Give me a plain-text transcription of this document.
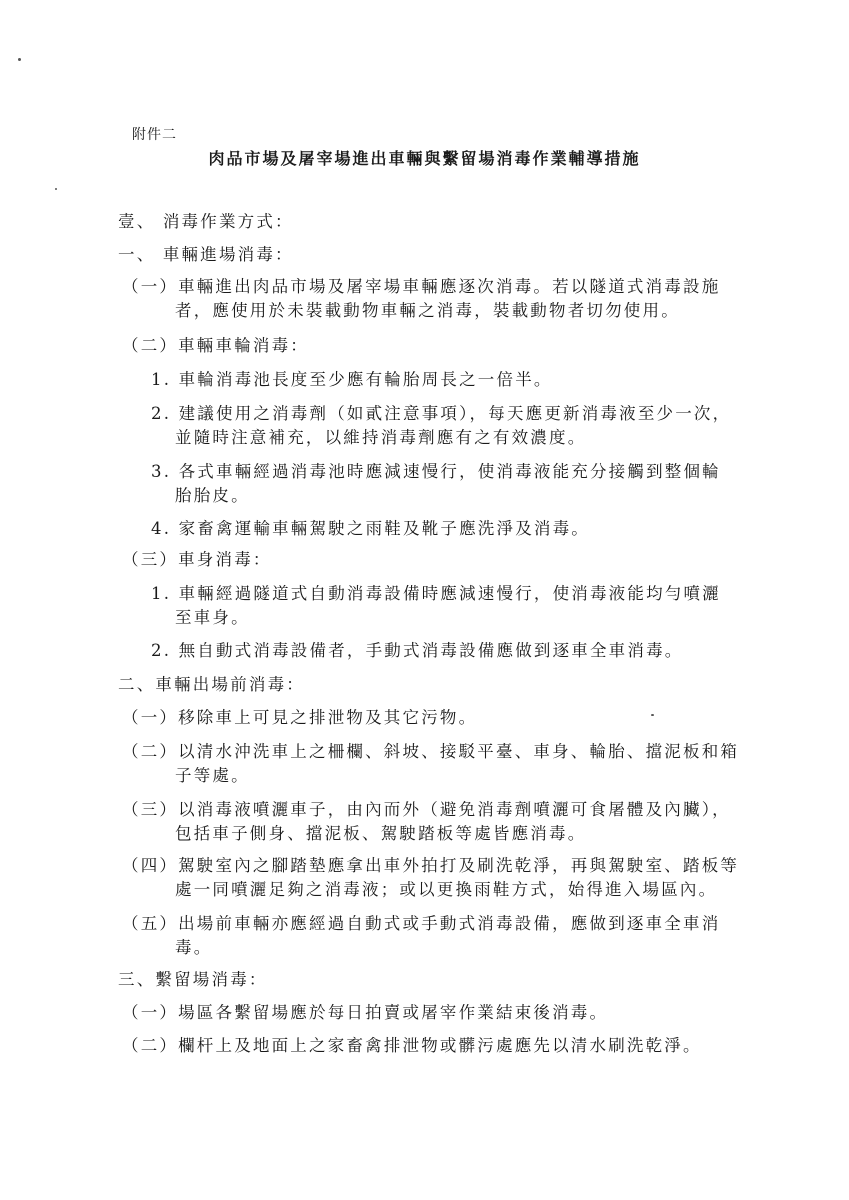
附件二
肉品市場及屠宰場進出車輛與繫留場消毒作業輔導措施
壹、 消毒作業方式：
一、 車輛進場消毒：
（一）車輛進出肉品市場及屠宰場車輛應逐次消毒。若以隧道式消毒設施
者，應使用於未裝載動物車輛之消毒，裝載動物者切勿使用。
（二）車輛車輪消毒：
1. 車輪消毒池長度至少應有輪胎周長之一倍半。
2. 建議使用之消毒劑（如貳注意事項），每天應更新消毒液至少一次，
並隨時注意補充，以維持消毒劑應有之有效濃度。
3. 各式車輛經過消毒池時應減速慢行，使消毒液能充分接觸到整個輪
胎胎皮。
4. 家畜禽運輸車輛駕駛之雨鞋及靴子應洗淨及消毒。
（三）車身消毒：
1. 車輛經過隧道式自動消毒設備時應減速慢行，使消毒液能均勻噴灑
至車身。
2. 無自動式消毒設備者，手動式消毒設備應做到逐車全車消毒。
二、車輛出場前消毒：
（一）移除車上可見之排泄物及其它污物。
（二）以清水沖洗車上之柵欄、斜坡、接駁平臺、車身、輪胎、擋泥板和箱
子等處。
（三）以消毒液噴灑車子，由內而外（避免消毒劑噴灑可食屠體及內臟），
包括車子側身、擋泥板、駕駛踏板等處皆應消毒。
（四）駕駛室內之腳踏墊應拿出車外拍打及刷洗乾淨，再與駕駛室、踏板等
處一同噴灑足夠之消毒液；或以更換雨鞋方式，始得進入場區內。
（五）出場前車輛亦應經過自動式或手動式消毒設備，應做到逐車全車消
毒。
三、繫留場消毒：
（一）場區各繫留場應於每日拍賣或屠宰作業結束後消毒。
（二）欄杆上及地面上之家畜禽排泄物或髒污處應先以清水刷洗乾淨。
